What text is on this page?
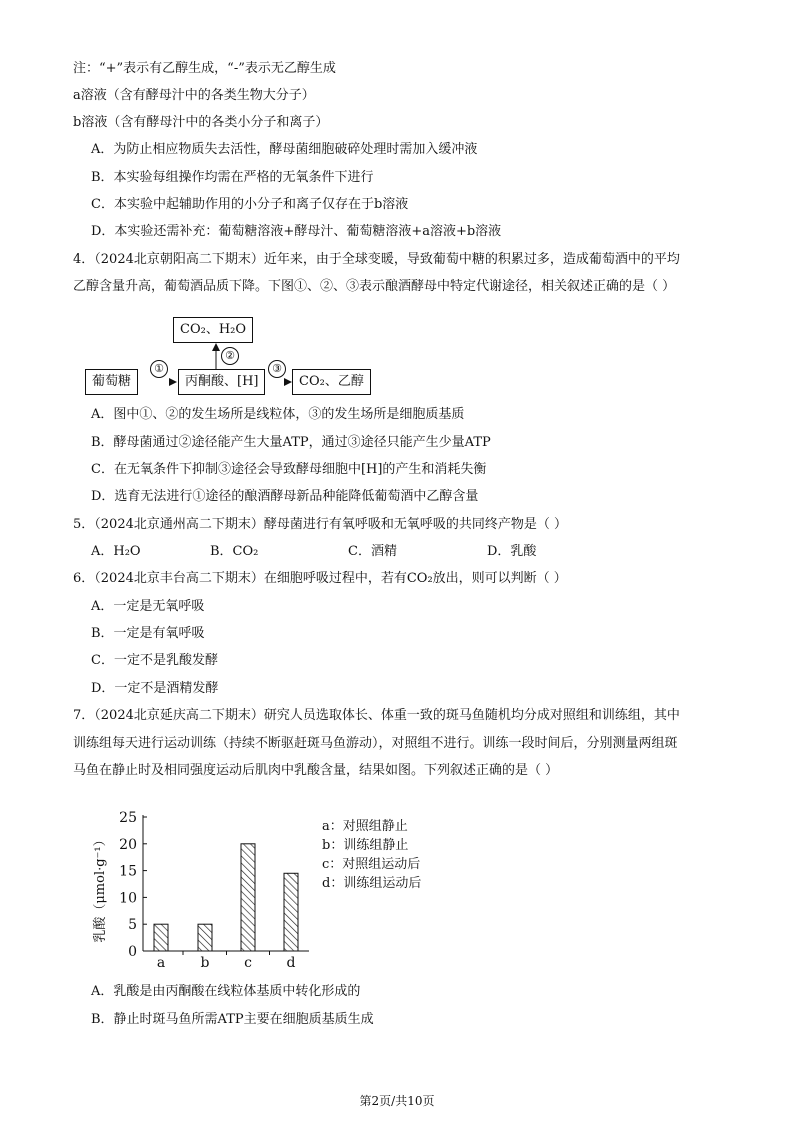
注：“+”表示有乙醇生成，“-”表示无乙醇生成
a溶液（含有酵母汁中的各类生物大分子）
b溶液（含有酵母汁中的各类小分子和离子）
A．为防止相应物质失去活性，酵母菌细胞破碎处理时需加入缓冲液
B．本实验每组操作均需在严格的无氧条件下进行
C．本实验中起辅助作用的小分子和离子仅存在于b溶液
D．本实验还需补充：葡萄糖溶液+酵母汁、葡萄糖溶液+a溶液+b溶液
4．（2024北京朝阳高二下期末）近年来，由于全球变暖，导致葡萄中糖的积累过多，造成葡萄酒中的平均
乙醇含量升高，葡萄酒品质下降。下图①、②、③表示酿酒酵母中特定代谢途径，相关叙述正确的是（ ）
CO₂、H₂O
葡萄糖	丙酮酸、[H]	CO₂、乙醇
①
②
③
A．图中①、②的发生场所是线粒体，③的发生场所是细胞质基质
B．酵母菌通过②途径能产生大量ATP，通过③途径只能产生少量ATP
C．在无氧条件下抑制③途径会导致酵母细胞中[H]的产生和消耗失衡
D．选育无法进行①途径的酿酒酵母新品种能降低葡萄酒中乙醇含量
5．（2024北京通州高二下期末）酵母菌进行有氧呼吸和无氧呼吸的共同终产物是（ ）
A．H₂O	B．CO₂	C．酒精	D．乳酸
6．（2024北京丰台高二下期末）在细胞呼吸过程中，若有CO₂放出，则可以判断（ ）
A．一定是无氧呼吸
B．一定是有氧呼吸
C．一定不是乳酸发酵
D．一定不是酒精发酵
7．（2024北京延庆高二下期末）研究人员选取体长、体重一致的斑马鱼随机均分成对照组和训练组，其中
训练组每天进行运动训练（持续不断驱赶斑马鱼游动），对照组不进行。训练一段时间后，分别测量两组斑
马鱼在静止时及相同强度运动后肌肉中乳酸含量，结果如图。下列叙述正确的是（ ）
0
5
10
15
20
25
a	b c d
乳酸（μmol·g⁻¹）
a：对照组静止
b：训练组静止
c：对照组运动后
d：训练组运动后
A．乳酸是由丙酮酸在线粒体基质中转化形成的
B．静止时斑马鱼所需ATP主要在细胞质基质生成
第2页/共10页
